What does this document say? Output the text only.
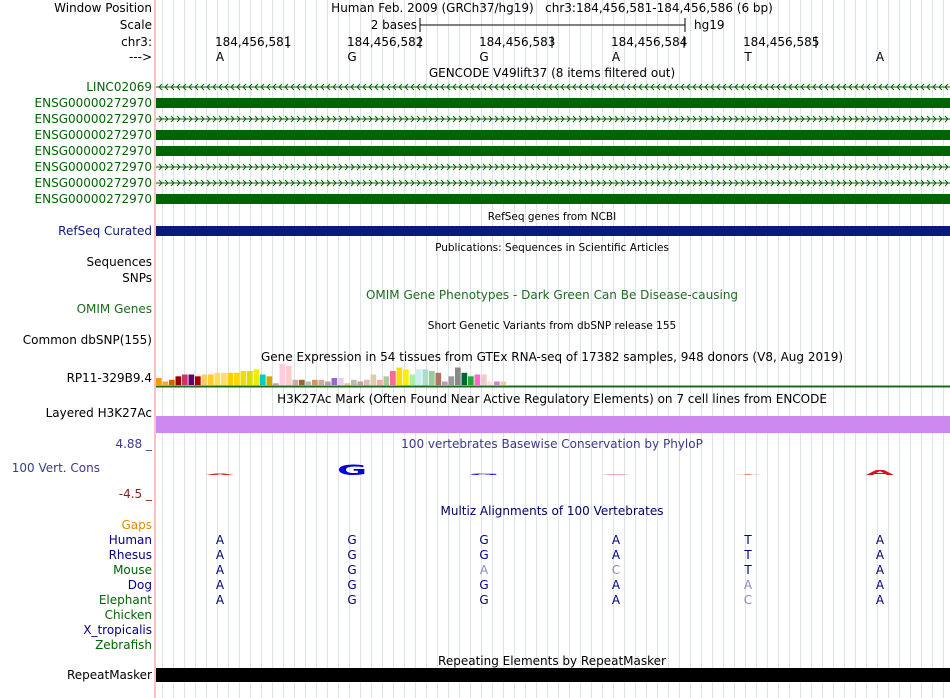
Window Position	Human Feb. 2009 (GRCh37/hg19)   chr3:184,456,581-184,456,586 (6 bp)
Scale	2 bases	hg19
chr3:	184,456,581	184,456,582	184,456,583	184,456,584	184,456,585
--->	A	G	G	A	T	A
GENCODE V49lift37 (8 items filtered out)
LINC02069
ENSG00000272970
ENSG00000272970
ENSG00000272970
ENSG00000272970
ENSG00000272970
ENSG00000272970
ENSG00000272970
RefSeq genes from NCBI
RefSeq Curated
Publications: Sequences in Scientific Articles
Sequences
SNPs
OMIM Gene Phenotypes - Dark Green Can Be Disease-causing
OMIM Genes
Short Genetic Variants from dbSNP release 155
Common dbSNP(155)
Gene Expression in 54 tissues from GTEx RNA-seq of 17382 samples, 948 donors (V8, Aug 2019)
RP11-329B9.4
H3K27Ac Mark (Often Found Near Active Regulatory Elements) on 7 cell lines from ENCODE
Layered H3K27Ac
4.88 _	100 vertebrates Basewise Conservation by PhyloP
100 Vert. Cons
-4.5 _
A	G	G	A	T	A
Multiz Alignments of 100 Vertebrates
Gaps
Human	A	G	G	A	T	A
Rhesus	A	G	G	A	T	A
Mouse	A	G	A	C	T	A
Dog	A	G	G	A	A	A
Elephant	A	G	G	A	C	A
Chicken
X_tropicalis
Zebrafish
Repeating Elements by RepeatMasker
RepeatMasker
